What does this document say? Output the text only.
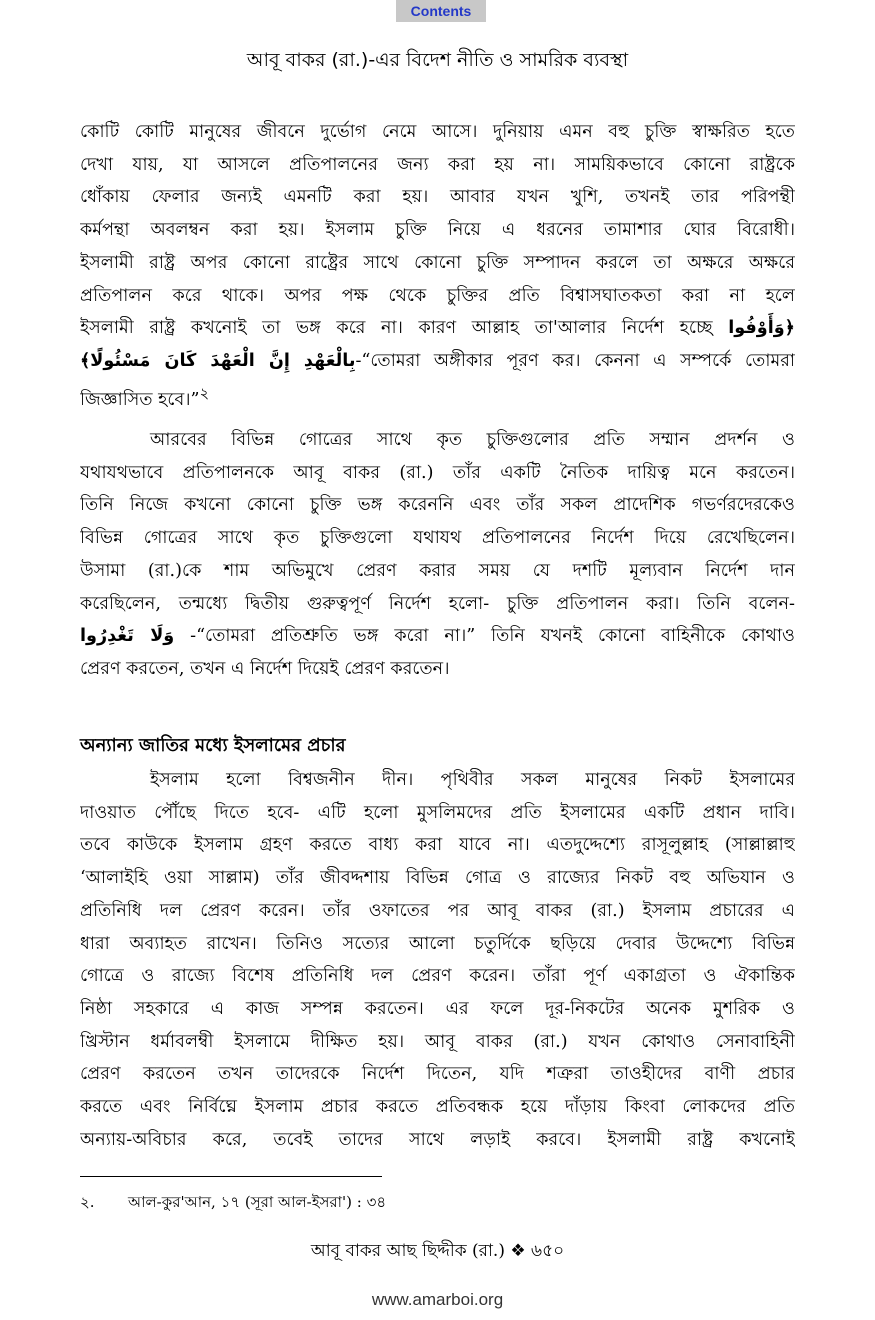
Contents
আবূ বাকর (রা.)-এর বিদেশ নীতি ও সামরিক ব্যবস্থা
কোটি কোটি মানুষের জীবনে দুর্ভোগ নেমে আসে। দুনিয়ায় এমন বহু চুক্তি স্বাক্ষরিত হতে
দেখা যায়, যা আসলে প্রতিপালনের জন্য করা হয় না। সাময়িকভাবে কোনো রাষ্ট্রকে
ধোঁকায় ফেলার জন্যই এমনটি করা হয়। আবার যখন খুশি, তখনই তার পরিপন্থী
কর্মপন্থা অবলম্বন করা হয়। ইসলাম চুক্তি নিয়ে এ ধরনের তামাশার ঘোর বিরোধী।
ইসলামী রাষ্ট্র অপর কোনো রাষ্ট্রের সাথে কোনো চুক্তি সম্পাদন করলে তা অক্ষরে অক্ষরে
প্রতিপালন করে থাকে। অপর পক্ষ থেকে চুক্তির প্রতি বিশ্বাসঘাতকতা করা না হলে
ইসলামী রাষ্ট্র কখনোই তা ভঙ্গ করে না। কারণ আল্লাহ তা'আলার নির্দেশ হচ্ছে ﴿وَأَوْفُوا
بِالْعَهْدِ إِنَّ الْعَهْدَ كَانَ مَسْئُولًا﴾-“তোমরা অঙ্গীকার পূরণ কর। কেননা এ সম্পর্কে তোমরা
জিজ্ঞাসিত হবে।”$^২$
আরবের বিভিন্ন গোত্রের সাথে কৃত চুক্তিগুলোর প্রতি সম্মান প্রদর্শন ও
যথাযথভাবে প্রতিপালনকে আবূ বাকর (রা.) তাঁর একটি নৈতিক দায়িত্ব মনে করতেন।
তিনি নিজে কখনো কোনো চুক্তি ভঙ্গ করেননি এবং তাঁর সকল প্রাদেশিক গভর্ণরদেরকেও
বিভিন্ন গোত্রের সাথে কৃত চুক্তিগুলো যথাযথ প্রতিপালনের নির্দেশ দিয়ে রেখেছিলেন।
উসামা (রা.)কে শাম অভিমুখে প্রেরণ করার সময় যে দশটি মূল্যবান নির্দেশ দান
করেছিলেন, তন্মধ্যে দ্বিতীয় গুরুত্বপূর্ণ নির্দেশ হলো- চুক্তি প্রতিপালন করা। তিনি বলেন-
وَلَا تَغْدِرُوا -“তোমরা প্রতিশ্রুতি ভঙ্গ করো না।” তিনি যখনই কোনো বাহিনীকে কোথাও
প্রেরণ করতেন, তখন এ নির্দেশ দিয়েই প্রেরণ করতেন।
অন্যান্য জাতির মধ্যে ইসলামের প্রচার
ইসলাম হলো বিশ্বজনীন দীন। পৃথিবীর সকল মানুষের নিকট ইসলামের
দাওয়াত পৌঁছে দিতে হবে- এটি হলো মুসলিমদের প্রতি ইসলামের একটি প্রধান দাবি।
তবে কাউকে ইসলাম গ্রহণ করতে বাধ্য করা যাবে না। এতদুদ্দেশ্যে রাসূলুল্লাহ (সাল্লাল্লাহু
‘আলাইহি ওয়া সাল্লাম) তাঁর জীবদ্দশায় বিভিন্ন গোত্র ও রাজ্যের নিকট বহু অভিযান ও
প্রতিনিধি দল প্রেরণ করেন। তাঁর ওফাতের পর আবূ বাকর (রা.) ইসলাম প্রচারের এ
ধারা অব্যাহত রাখেন। তিনিও সত্যের আলো চতুর্দিকে ছড়িয়ে দেবার উদ্দেশ্যে বিভিন্ন
গোত্রে ও রাজ্যে বিশেষ প্রতিনিধি দল প্রেরণ করেন। তাঁরা পূর্ণ একাগ্রতা ও ঐকান্তিক
নিষ্ঠা সহকারে এ কাজ সম্পন্ন করতেন। এর ফলে দূর-নিকটের অনেক মুশরিক ও
খ্রিস্টান ধর্মাবলম্বী ইসলামে দীক্ষিত হয়। আবূ বাকর (রা.) যখন কোথাও সেনাবাহিনী
প্রেরণ করতেন তখন তাদেরকে নির্দেশ দিতেন, যদি শত্রুরা তাওহীদের বাণী প্রচার
করতে এবং নির্বিঘ্নে ইসলাম প্রচার করতে প্রতিবন্ধক হয়ে দাঁড়ায় কিংবা লোকদের প্রতি
অন্যায়-অবিচার করে, তবেই তাদের সাথে লড়াই করবে। ইসলামী রাষ্ট্র কখনোই
২. আল-কুর'আন, ১৭ (সূরা আল-ইসরা') : ৩৪
আবূ বাকর আছ ছিদ্দীক (রা.) ❖ ৬৫০
www.amarboi.org
